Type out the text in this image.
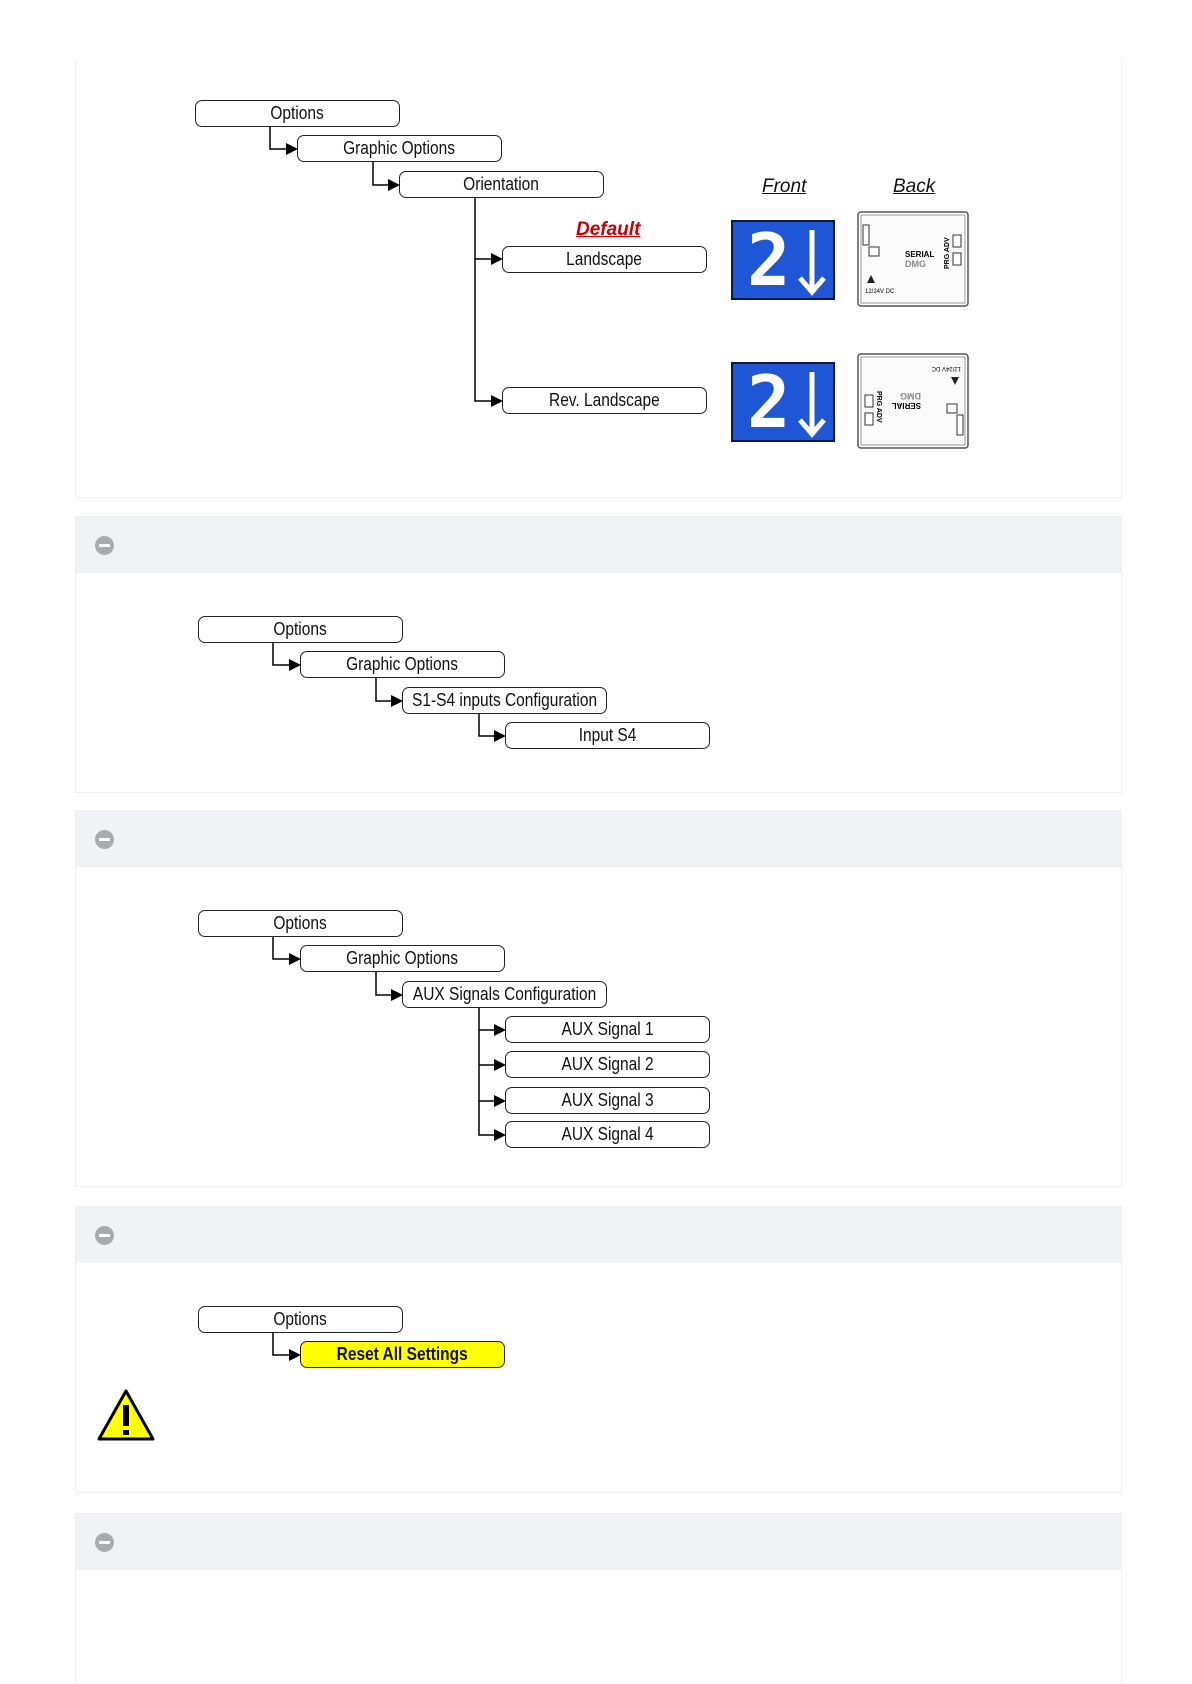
Options
Graphic Options
Orientation
Landscape
Rev. Landscape
Default
Front	Back
2
2
SERIAL
DMG	PRG ADV
12/24V DC
SERIAL
DMG
PRG ADV
12/24V DC
Options
Graphic Options
S1-S4 inputs Configuration
Input S4
Options
Graphic Options
AUX Signals Configuration
AUX Signal 1
AUX Signal 2
AUX Signal 3
AUX Signal 4
Options
Reset All Settings
